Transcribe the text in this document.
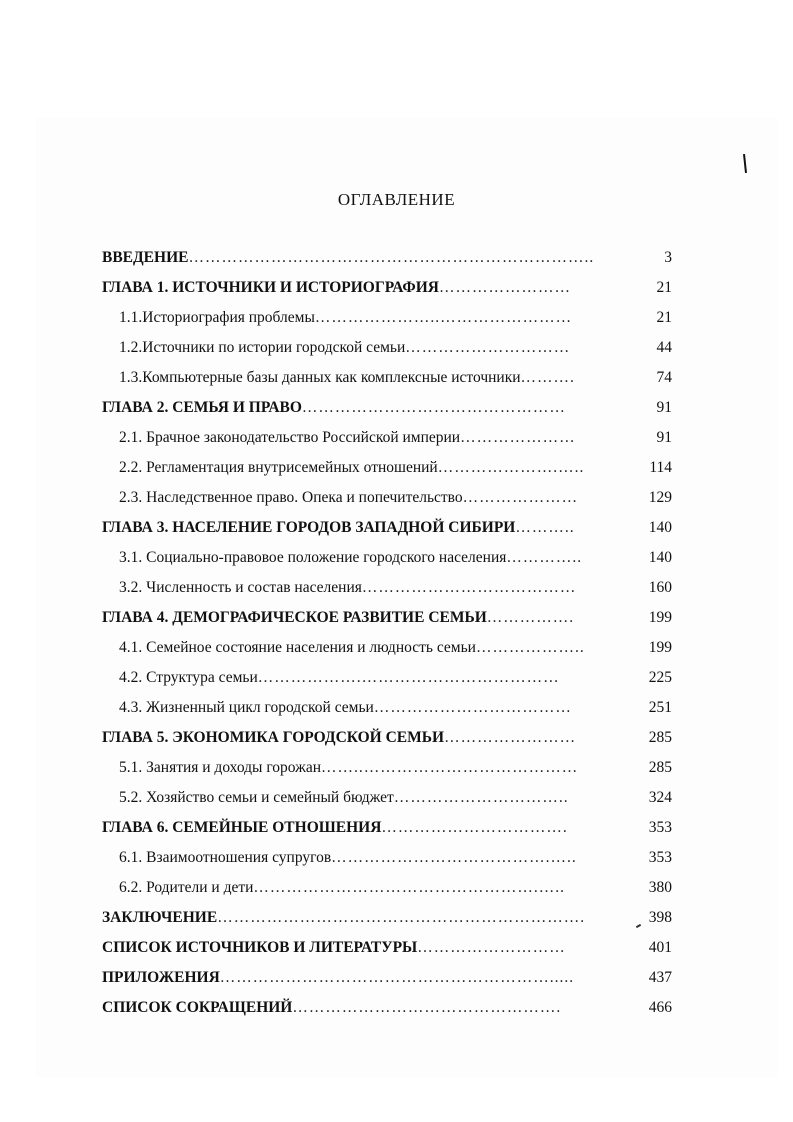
ОГЛАВЛЕНИЕ
ВВЕДЕНИЕ………………………………………………………………..	3
ГЛАВА 1. ИСТОЧНИКИ И ИСТОРИОГРАФИЯ……………………	21
1.1.Историография проблемы…………………..……………………	21
1.2.Источники по истории городской семьи…………………………	44
1.3.Компьютерные базы данных как комплексные источники……….	74
ГЛАВА 2. СЕМЬЯ И ПРАВО…………………………………………	91
2.1. Брачное законодательство Российской империи…………………	91
2.2. Регламентация внутрисемейных отношений………………….…..	114
2.3. Наследственное право. Опека и попечительство…………………	129
ГЛАВА 3. НАСЕЛЕНИЕ ГОРОДОВ ЗАПАДНОЙ СИБИРИ………..	140
3.1. Социально-правовое положение городского населения…………..	140
3.2. Численность и состав населения…………………………………	160
ГЛАВА 4. ДЕМОГРАФИЧЕСКОЕ РАЗВИТИЕ СЕМЬИ…………….	199
4.1. Семейное состояние населения и людность семьи………………..	199
4.2. Структура семьи……………….………………………………	225
4.3. Жизненный цикл городской семьи………………………………	251
ГЛАВА 5. ЭКОНОМИКА ГОРОДСКОЙ СЕМЬИ……………………	285
5.1. Занятия и доходы горожан……..…………………………………	285
5.2. Хозяйство семьи и семейный бюджет…………………………..	324
ГЛАВА 6. СЕМЕЙНЫЕ ОТНОШЕНИЯ…………………………….	353
6.1. Взаимоотношения супругов………………………………….…..	353
6.2. Родители и дети…………………………………………….…..	380
ЗАКЛЮЧЕНИЕ………………………………………………………….	398
СПИСОК ИСТОЧНИКОВ И ЛИТЕРАТУРЫ………………………	401
ПРИЛОЖЕНИЯ…………………………………………………….....	437
СПИСОК СОКРАЩЕНИЙ………………………………………….	466
